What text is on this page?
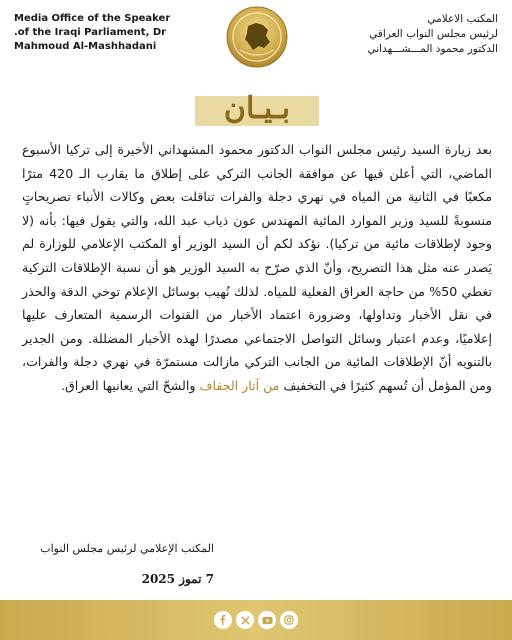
Media Office of the Speaker
.of the Iraqi Parliament, Dr
Mahmoud Al-Mashhadani
المكتب الاعلامي
لرئيس مجلس النواب العراقي
الدكتور محمود المـــشـــهداني
بـيـان
بعد زيارة السيد رئيس مجلس النواب الدكتور محمود المشهداني الأخيرة إلى تركيا الأسبوع الماضي، التي أعلن فيها عن موافقة الجانب التركي على إطلاق ما يقارب الـ 420 مترًا مكعبًا في الثانية من المياه في نهري دجلة والفرات تناقلت بعض وكالات الأنباء تصريحاتٍ منسوبةً للسيد وزير الموارد المائية المهندس عون ذياب عبد الله، والتي يقول فيها: بأنه (لا وجود لإطلاقات مائية من تركيا). نؤكد لكم أن السيد الوزير أو المكتب الإعلامي للوزارة لم يَصدر عنه مثل هذا التصريح، وأنّ الذي صرّح به السيد الوزير هو أن نسبة الإطلاقات التركية تغطي 50% من حاجة العراق الفعلية للمياه. لذلك نُهيب بوسائل الإعلام توخي الدقة والحذر في نقل الأخبار وتداولها، وضرورة اعتماد الأخبار من القنوات الرسمية المتعارف عليها إعلاميًا، وعدم اعتبار وسائل التواصل الاجتماعي مصدرًا لهذه الأخبار المضللة. ومن الجدير بالتنويه أنّ الإطلاقات المائية من الجانب التركي مازالت مستمرّة في نهري دجلة والفرات، ومن المؤمل أن تُسهم كثيرًا في التخفيف من آثار الجفاف والشحّ التي يعانيها العراق.
المكتب الإعلامي لرئيس مجلس النواب
7 تموز 2025
